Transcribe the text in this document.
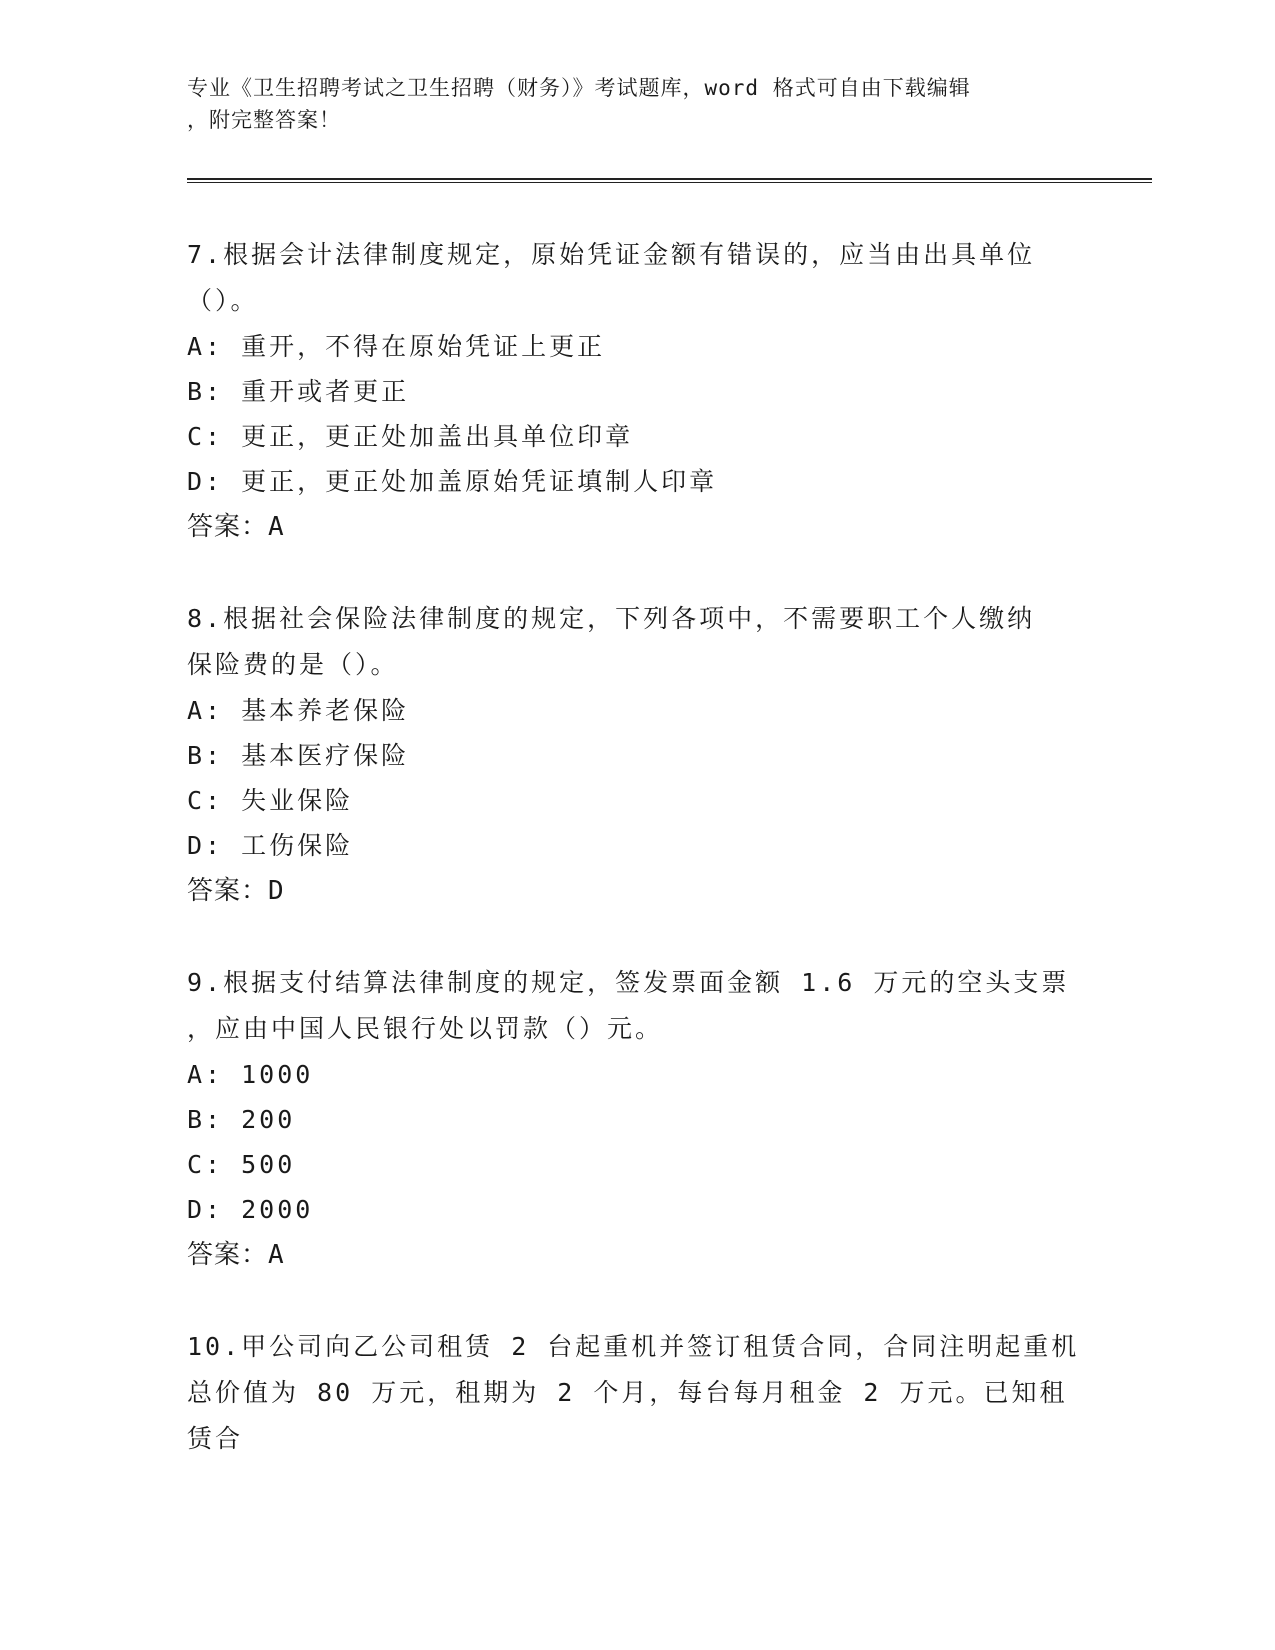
专业《卫生招聘考试之卫生招聘（财务）》考试题库，word 格式可自由下载编辑
，附完整答案！

7.根据会计法律制度规定，原始凭证金额有错误的，应当由出具单位
（）。

A: 重开，不得在原始凭证上更正

B: 重开或者更正

C: 更正，更正处加盖出具单位印章

D: 更正，更正处加盖原始凭证填制人印章

答案：A

8.根据社会保险法律制度的规定，下列各项中，不需要职工个人缴纳
保险费的是（）。

A: 基本养老保险

B: 基本医疗保险

C: 失业保险

D: 工伤保险

答案：D

9.根据支付结算法律制度的规定，签发票面金额 1.6 万元的空头支票
，应由中国人民银行处以罚款（）元。

A: 1000

B: 200

C: 500

D: 2000

答案：A

10.甲公司向乙公司租赁 2 台起重机并签订租赁合同，合同注明起重机
总价值为 80 万元，租期为 2 个月，每台每月租金 2 万元。已知租赁合
